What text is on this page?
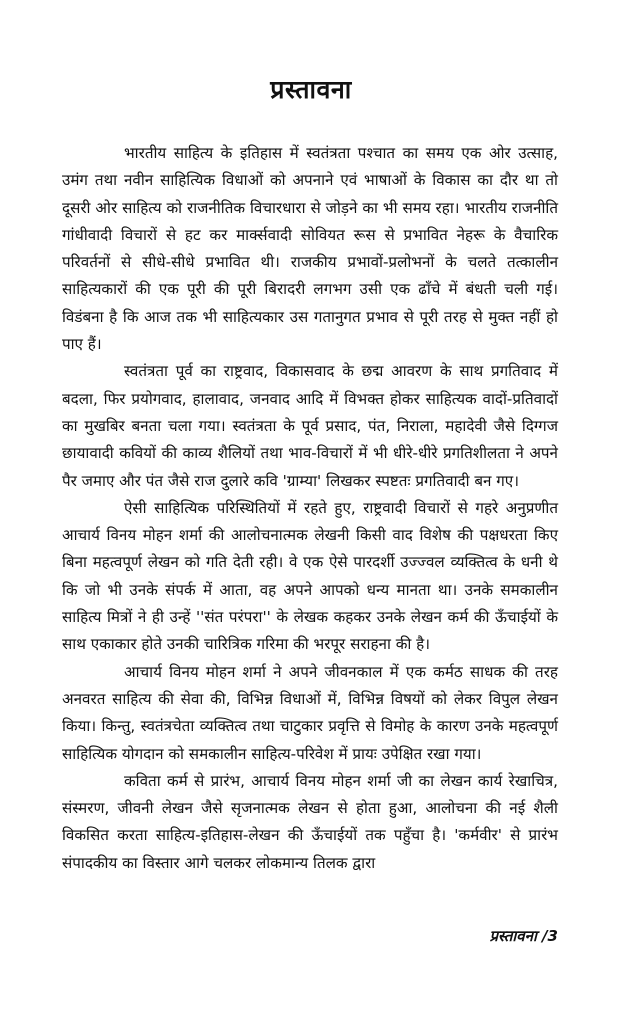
प्रस्तावना

भारतीय साहित्य के इतिहास में स्वतंत्रता पश्चात का समय एक ओर उत्साह, उमंग तथा नवीन साहित्यिक विधाओं को अपनाने एवं भाषाओं के विकास का दौर था तो दूसरी ओर साहित्य को राजनीतिक विचारधारा से जोड़ने का भी समय रहा। भारतीय राजनीति गांधीवादी विचारों से हट कर मार्क्सवादी सोवियत रूस से प्रभावित नेहरू के वैचारिक परिवर्तनों से सीधे-सीधे प्रभावित थी। राजकीय प्रभावों-प्रलोभनों के चलते तत्कालीन साहित्यकारों की एक पूरी की पूरी बिरादरी लगभग उसी एक ढाँचे में बंधती चली गई। विडंबना है कि आज तक भी साहित्यकार उस गतानुगत प्रभाव से पूरी तरह से मुक्त नहीं हो पाए हैं।

स्वतंत्रता पूर्व का राष्ट्रवाद, विकासवाद के छद्म आवरण के साथ प्रगतिवाद में बदला, फिर प्रयोगवाद, हालावाद, जनवाद आदि में विभक्त होकर साहित्यक वादों-प्रतिवादों का मुखबिर बनता चला गया। स्वतंत्रता के पूर्व प्रसाद, पंत, निराला, महादेवी जैसे दिग्गज छायावादी कवियों की काव्य शैलियों तथा भाव-विचारों में भी धीरे-धीरे प्रगतिशीलता ने अपने पैर जमाए और पंत जैसे राज दुलारे कवि 'ग्राम्या' लिखकर स्पष्टतः प्रगतिवादी बन गए।

ऐसी साहित्यिक परिस्थितियों में रहते हुए, राष्ट्रवादी विचारों से गहरे अनुप्रणीत आचार्य विनय मोहन शर्मा की आलोचनात्मक लेखनी किसी वाद विशेष की पक्षधरता किए बिना महत्वपूर्ण लेखन को गति देती रही। वे एक ऐसे पारदर्शी उज्ज्वल व्यक्तित्व के धनी थे कि जो भी उनके संपर्क में आता, वह अपने आपको धन्य मानता था। उनके समकालीन साहित्य मित्रों ने ही उन्हें ''संत परंपरा'' के लेखक कहकर उनके लेखन कर्म की ऊँचाईयों के साथ एकाकार होते उनकी चारित्रिक गरिमा की भरपूर सराहना की है।

आचार्य विनय मोहन शर्मा ने अपने जीवनकाल में एक कर्मठ साधक की तरह अनवरत साहित्य की सेवा की, विभिन्न विधाओं में, विभिन्न विषयों को लेकर विपुल लेखन किया। किन्तु, स्वतंत्रचेता व्यक्तित्व तथा चाटुकार प्रवृत्ति से विमोह के कारण उनके महत्वपूर्ण साहित्यिक योगदान को समकालीन साहित्य-परिवेश में प्रायः उपेक्षित रखा गया।

कविता कर्म से प्रारंभ, आचार्य विनय मोहन शर्मा जी का लेखन कार्य रेखाचित्र, संस्मरण, जीवनी लेखन जैसे सृजनात्मक लेखन से होता हुआ, आलोचना की नई शैली विकसित करता साहित्य-इतिहास-लेखन की ऊँचाईयों तक पहुँचा है। 'कर्मवीर' से प्रारंभ संपादकीय का विस्तार आगे चलकर लोकमान्य तिलक द्वारा

प्रस्तावना /3
